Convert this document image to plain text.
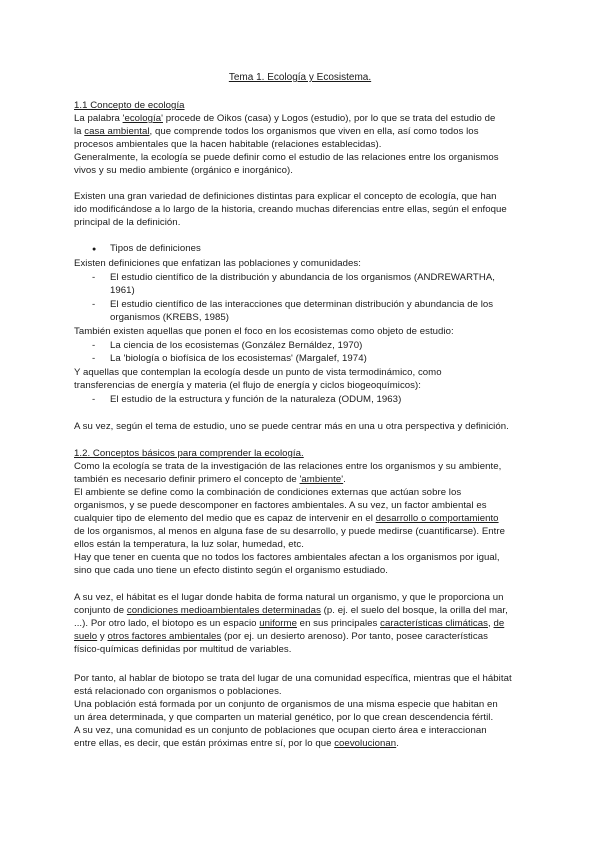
Tema 1. Ecología y Ecosistema.
1.1 Concepto de ecología
La palabra 'ecología' procede de Oikos (casa) y Logos (estudio), por lo que se trata del estudio de
la casa ambiental, que comprende todos los organismos que viven en ella, así como todos los
procesos ambientales que la hacen habitable (relaciones establecidas).
Generalmente, la ecología se puede definir como el estudio de las relaciones entre los organismos
vivos y su medio ambiente (orgánico e inorgánico).
Existen una gran variedad de definiciones distintas para explicar el concepto de ecología, que han
ido modificándose a lo largo de la historia, creando muchas diferencias entre ellas, según el enfoque
principal de la definición.
● Tipos de definiciones
Existen definiciones que enfatizan las poblaciones y comunidades:
- El estudio científico de la distribución y abundancia de los organismos (ANDREWARTHA,
1961)
- El estudio científico de las interacciones que determinan distribución y abundancia de los
organismos (KREBS, 1985)
También existen aquellas que ponen el foco en los ecosistemas como objeto de estudio:
- La ciencia de los ecosistemas (González Bernáldez, 1970)
- La 'biología o biofísica de los ecosistemas' (Margalef, 1974)
Y aquellas que contemplan la ecología desde un punto de vista termodinámico, como
transferencias de energía y materia (el flujo de energía y ciclos biogeoquímicos):
- El estudio de la estructura y función de la naturaleza (ODUM, 1963)
A su vez, según el tema de estudio, uno se puede centrar más en una u otra perspectiva y definición.
1.2. Conceptos básicos para comprender la ecología.
Como la ecología se trata de la investigación de las relaciones entre los organismos y su ambiente,
también es necesario definir primero el concepto de 'ambiente'.
El ambiente se define como la combinación de condiciones externas que actúan sobre los
organismos, y se puede descomponer en factores ambientales. A su vez, un factor ambiental es
cualquier tipo de elemento del medio que es capaz de intervenir en el desarrollo o comportamiento
de los organismos, al menos en alguna fase de su desarrollo, y puede medirse (cuantificarse). Entre
ellos están la temperatura, la luz solar, humedad, etc.
Hay que tener en cuenta que no todos los factores ambientales afectan a los organismos por igual,
sino que cada uno tiene un efecto distinto según el organismo estudiado.
A su vez, el hábitat es el lugar donde habita de forma natural un organismo, y que le proporciona un
conjunto de condiciones medioambientales determinadas (p. ej. el suelo del bosque, la orilla del mar,
...). Por otro lado, el biotopo es un espacio uniforme en sus principales características climáticas, de
suelo y otros factores ambientales (por ej. un desierto arenoso). Por tanto, posee características
físico-químicas definidas por multitud de variables.
Por tanto, al hablar de biotopo se trata del lugar de una comunidad específica, mientras que el hábitat
está relacionado con organismos o poblaciones.
Una población está formada por un conjunto de organismos de una misma especie que habitan en
un área determinada, y que comparten un material genético, por lo que crean descendencia fértil.
A su vez, una comunidad es un conjunto de poblaciones que ocupan cierto área e interaccionan
entre ellas, es decir, que están próximas entre sí, por lo que coevolucionan.
